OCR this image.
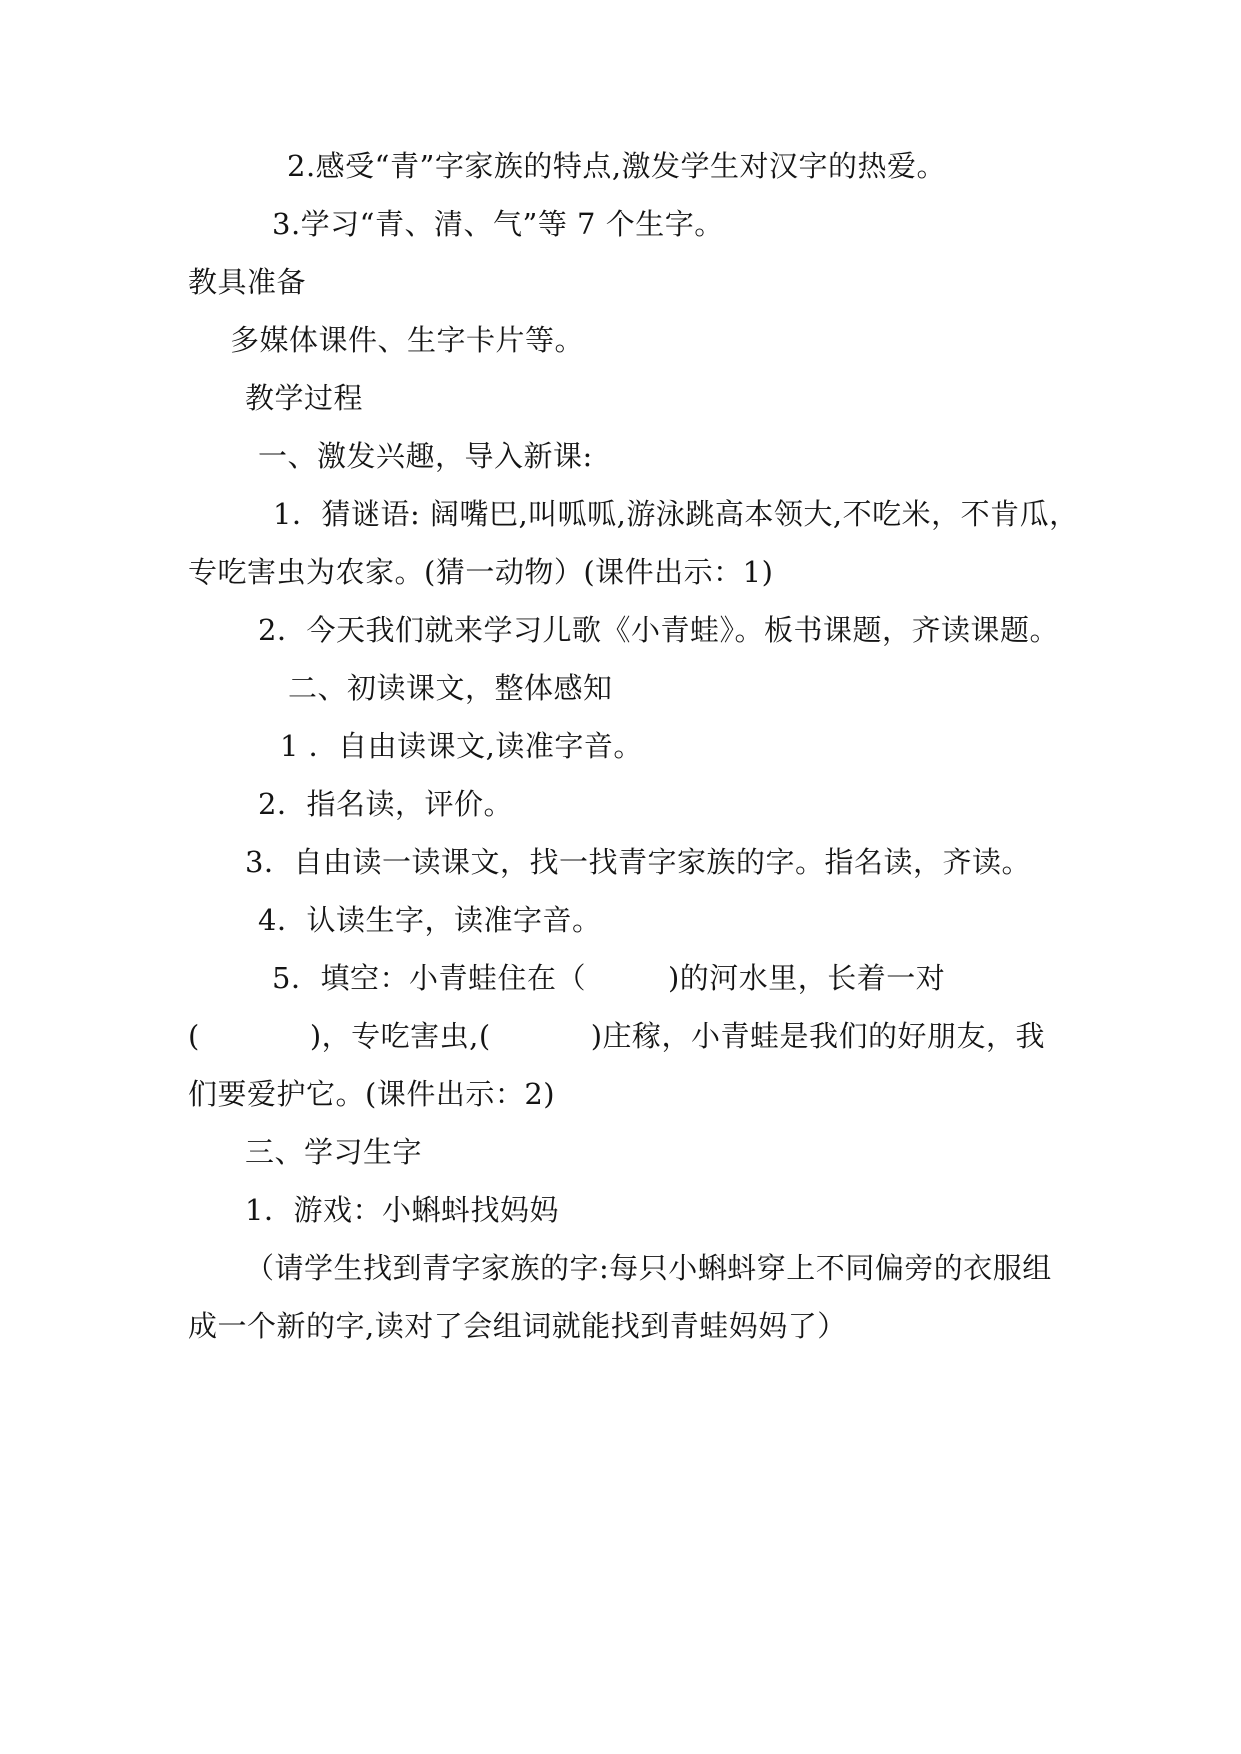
2.感受“青”字家族的特点,激发学生对汉字的热爱。
3.学习“青、清、气”等 7 个生字。
教具准备
多媒体课件、生字卡片等。
教学过程
一、激发兴趣，导入新课:
1．猜谜语: 阔嘴巴,叫呱呱,游泳跳高本领大,不吃米，不肯瓜，
专吃害虫为农家。(猜一动物）(课件出示：1)
2．今天我们就来学习儿歌《小青蛙》。板书课题，齐读课题。
二、初读课文，整体感知
1 ．自由读课文,读准字音。
2．指名读，评价。
3．自由读一读课文，找一找青字家族的字。指名读，齐读。
4．认读生字，读准字音。
5．填空：小青蛙住在（	)的河水里，长着一对
(	)，专吃害虫,(	)庄稼，小青蛙是我们的好朋友，我
们要爱护它。(课件出示：2)
三、学习生字
1．游戏：小蝌蚪找妈妈
（请学生找到青字家族的字:每只小蝌蚪穿上不同偏旁的衣服组
成一个新的字,读对了会组词就能找到青蛙妈妈了）
